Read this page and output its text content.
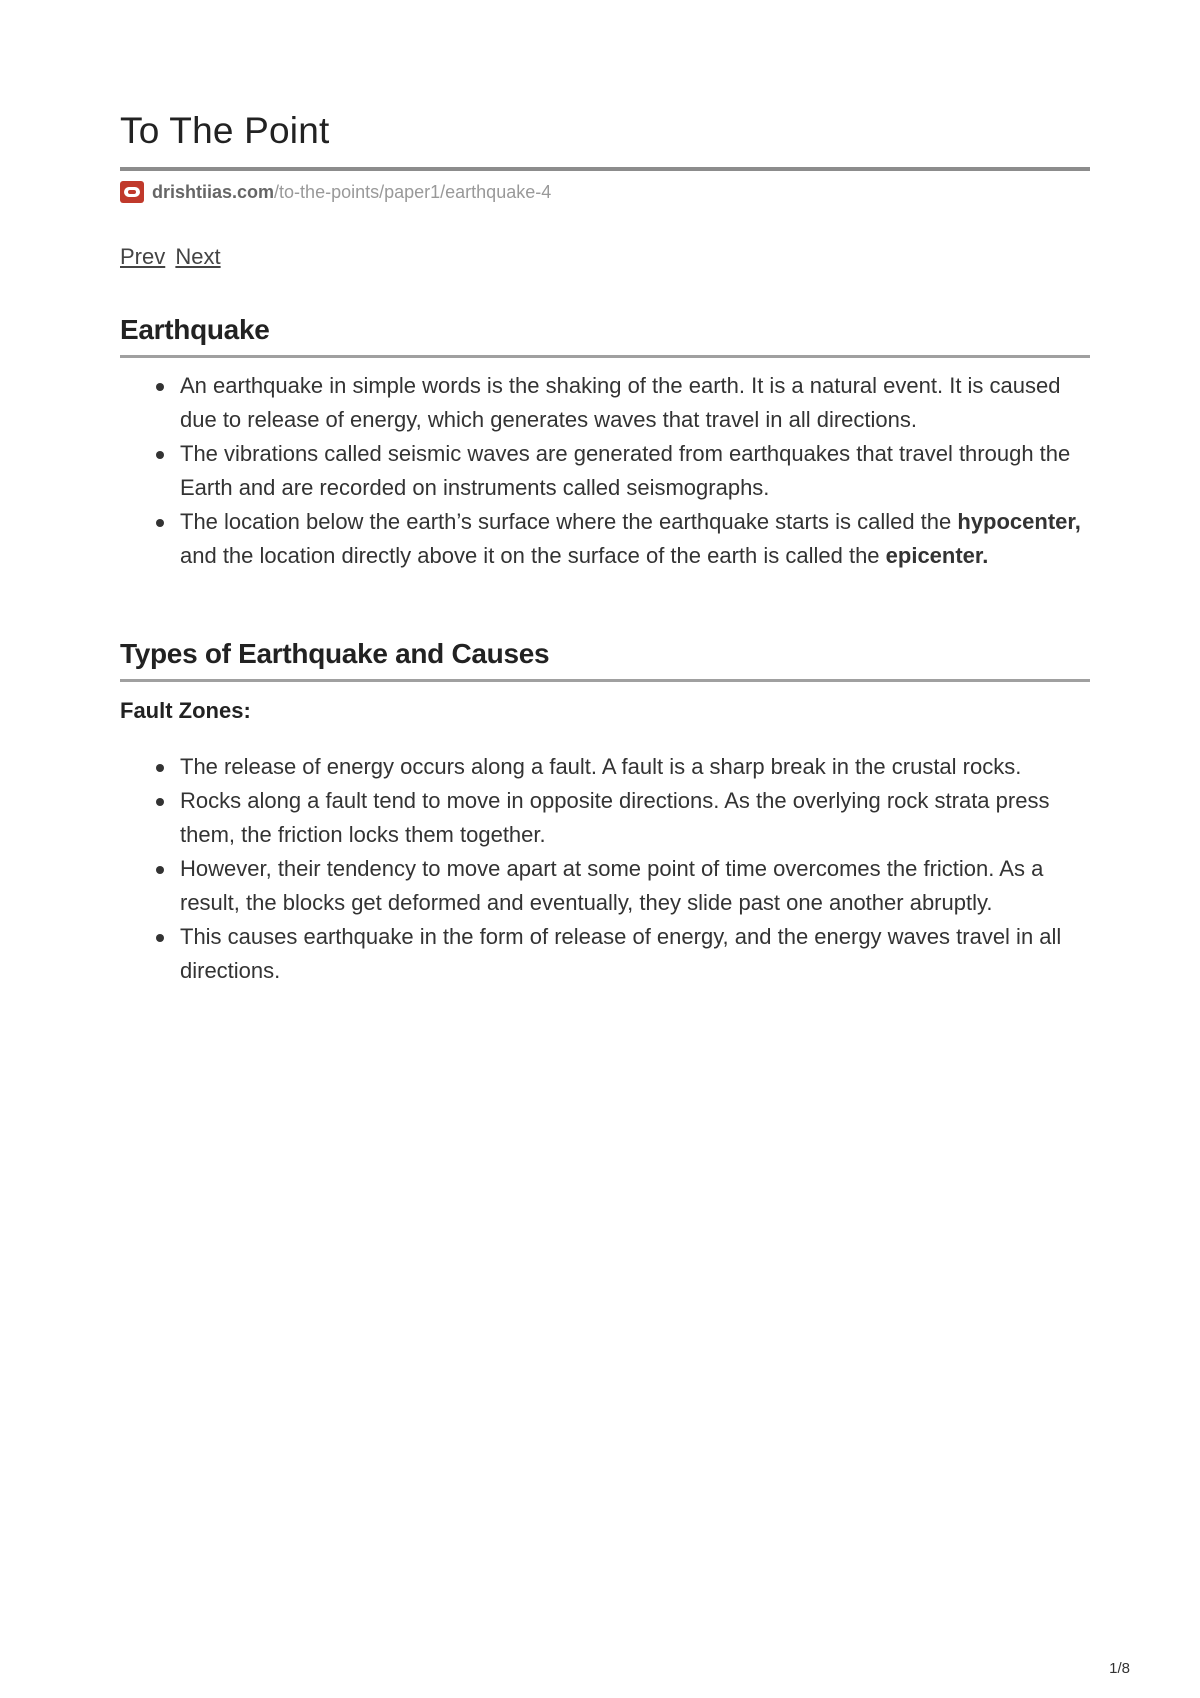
To The Point
drishtiias.com /to-the-points/paper1/earthquake-4
Prev Next
Earthquake
An earthquake in simple words is the shaking of the earth. It is a natural event. It is caused due to release of energy, which generates waves that travel in all directions.
The vibrations called seismic waves are generated from earthquakes that travel through the Earth and are recorded on instruments called seismographs.
The location below the earth’s surface where the earthquake starts is called the hypocenter, and the location directly above it on the surface of the earth is called the epicenter.
Types of Earthquake and Causes
Fault Zones:
The release of energy occurs along a fault. A fault is a sharp break in the crustal rocks.
Rocks along a fault tend to move in opposite directions. As the overlying rock strata press them, the friction locks them together.
However, their tendency to move apart at some point of time overcomes the friction. As a result, the blocks get deformed and eventually, they slide past one another abruptly.
This causes earthquake in the form of release of energy, and the energy waves travel in all directions.
1/8
